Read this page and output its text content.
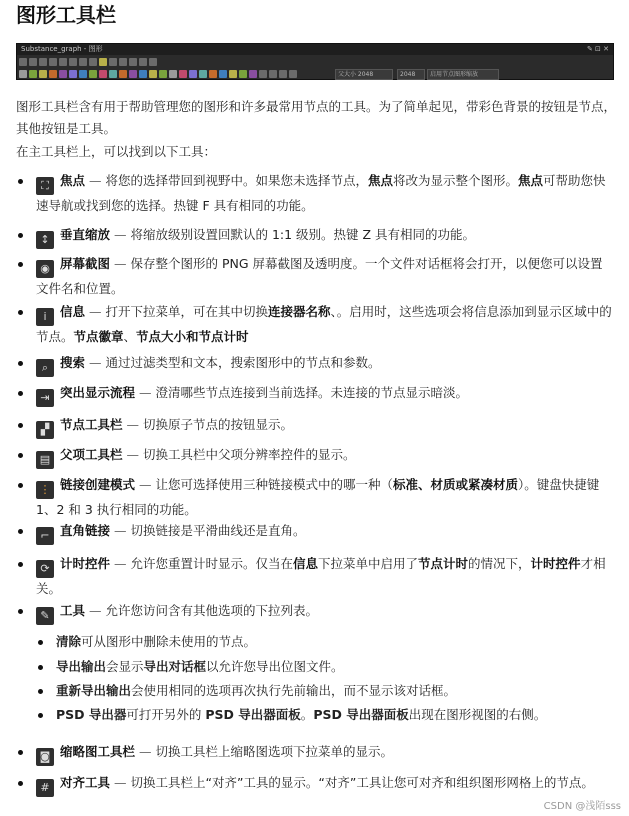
图形工具栏
Substance_graph - 图形	✎ ⊡ ✕
父大小 2048	2048	启用节点图形缩放

图形工具栏含有用于帮助管理您的图形和许多最常用节点的工具。为了简单起见，带彩色背景的按钮是节点，其他按钮是工具。

在主工具栏上，可以找到以下工具：

⛶ 焦点 — 将您的选择带回到视野中。如果您未选择节点，焦点将改为显示整个图形。焦点可帮助您快速导航或找到您的选择。热键 F 具有相同的功能。
↕ 垂直缩放 — 将缩放级别设置回默认的 1:1 级别。热键 Z 具有相同的功能。
◉ 屏幕截图 — 保存整个图形的 PNG 屏幕截图及透明度。一个文件对话框将会打开，以便您可以设置文件名和位置。
i 信息 — 打开下拉菜单，可在其中切换连接器名称、。启用时，这些选项会将信息添加到显示区域中的节点。节点徽章、节点大小和节点计时
⌕ 搜索 — 通过过滤类型和文本，搜索图形中的节点和参数。
⇥ 突出显示流程 — 澄清哪些节点连接到当前选择。未连接的节点显示暗淡。
▞ 节点工具栏 — 切换原子节点的按钮显示。
▤ 父项工具栏 — 切换工具栏中父项分辨率控件的显示。
⋮ 链接创建模式 — 让您可选择使用三种链接模式中的哪一种（标准、材质或紧凑材质）。键盘快捷键 1、2 和 3 执行相同的功能。
⌐ 直角链接 — 切换链接是平滑曲线还是直角。
⟳ 计时控件 — 允许您重置计时显示。仅当在信息下拉菜单中启用了节点计时的情况下，计时控件才相关。
✎ 工具 — 允许您访问含有其他选项的下拉列表。
清除可从图形中删除未使用的节点。
导出输出会显示导出对话框以允许您导出位图文件。
重新导出输出会使用相同的选项再次执行先前输出，而不显示该对话框。
PSD 导出器可打开另外的 PSD 导出器面板。PSD 导出器面板出现在图形视图的右侧。
◙ 缩略图工具栏 — 切换工具栏上缩略图选项下拉菜单的显示。
# 对齐工具 — 切换工具栏上“对齐”工具的显示。“对齐”工具让您可对齐和组织图形网格上的节点。
CSDN @浅陌sss
